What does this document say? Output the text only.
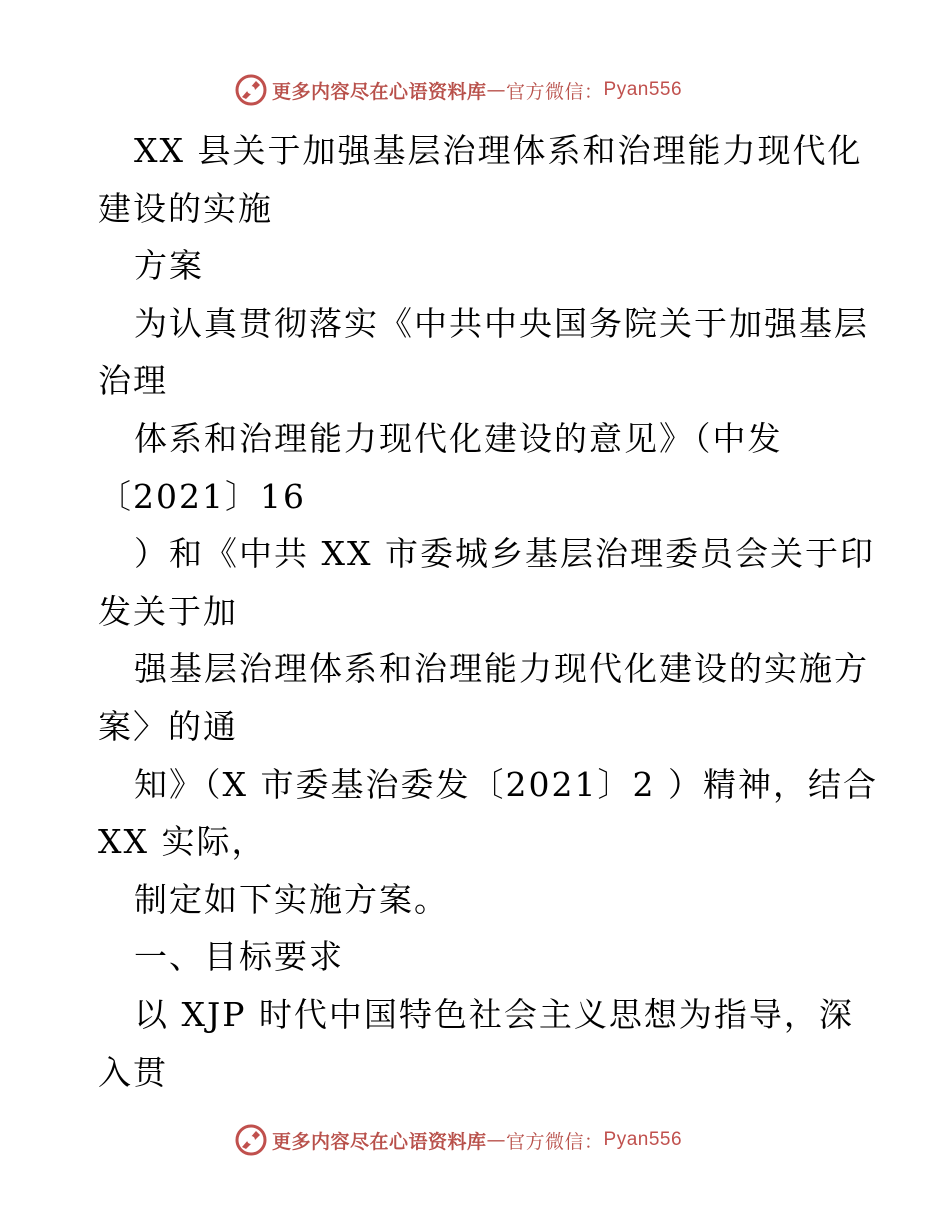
更多内容尽在心语资料库 — 官方微信： Pyan556
XX 县关于加强基层治理体系和治理能力现代化
建设的实施
方案
为认真贯彻落实《中共中央国务院关于加强基层
治理
体系和治理能力现代化建设的意见》（中发
〔2021〕16
）和《中共 XX 市委城乡基层治理委员会关于印
发关于加
强基层治理体系和治理能力现代化建设的实施方
案〉的通
知》（X 市委基治委发〔2021〕2 ）精神，结合
XX 实际，
制定如下实施方案。
一、目标要求
以 XJP 时代中国特色社会主义思想为指导，深
入贯
更多内容尽在心语资料库 — 官方微信： Pyan556
